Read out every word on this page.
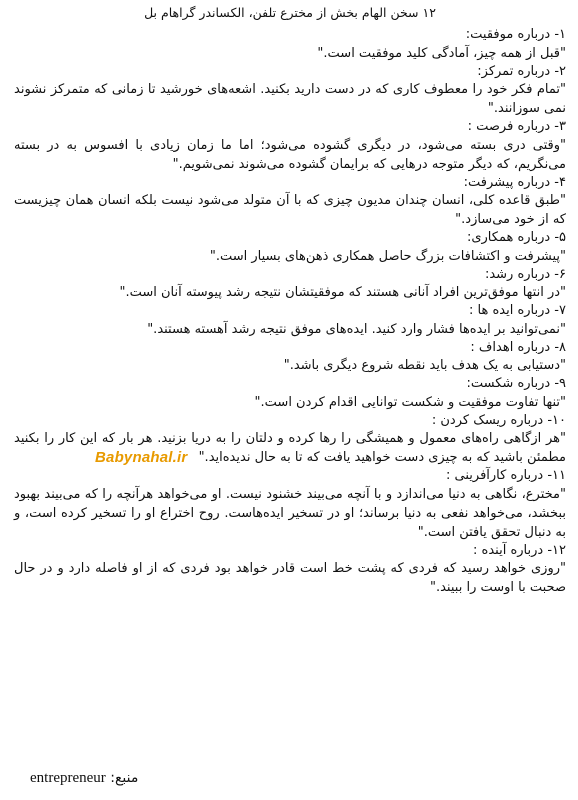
۱۲ سخن الهام بخش از مخترع تلفن، الکساندر گراهام بل

۱- درباره موفقیت:

"قبل از همه چیز، آمادگی کلید موفقیت است."

۲- درباره تمرکز:

"تمام فکر خود را معطوف کاری که در دست دارید بکنید. اشعه‌های خورشید تا زمانی که متمرکز نشوند نمی سوزانند."

۳- درباره فرصت :

"وقتی دری بسته می‌شود، در دیگری گشوده می‌شود؛ اما ما زمان زیادی با افسوس به در بسته می‌نگریم، که دیگر متوجه درهایی که برایمان گشوده می‌شوند نمی‌شویم."

۴- درباره پیشرفت:

"طبق قاعده کلی، انسان چندان مدیون چیزی که با آن متولد می‌شود نیست بلکه انسان همان چیزیست که از خود می‌سازد."

۵- درباره همکاری:

"پیشرفت و اکتشافات بزرگ حاصل همکاری ذهن‌های بسیار است."

۶- درباره رشد:

"در انتها موفق‌ترین افراد آنانی هستند که موفقیتشان نتیجه رشد پیوسته آنان است."

۷- درباره ایده ها :

"نمی‌توانید بر ایده‌ها فشار وارد کنید. ایده‌های موفق نتیجه رشد آهسته هستند."

۸- درباره اهداف :

"دستیابی به یک هدف باید نقطه شروع دیگری باشد."

۹- درباره شکست:

"تنها تفاوت موفقیت و شکست توانایی اقدام کردن است."

۱۰- درباره ریسک کردن :

"هر ازگاهی راه‌های معمول و همیشگی را رها کرده و دلتان را به دریا بزنید. هر بار که این کار را بکنید مطمئن باشید که به چیزی دست خواهید یافت که تا به حال ندیده‌اید."

۱۱- درباره کارآفرینی :

"مخترع، نگاهی به دنیا می‌اندازد و با آنچه می‌بیند خشنود نیست. او می‌خواهد هرآنچه را که می‌بیند بهبود ببخشد، می‌خواهد نفعی به دنیا برساند؛ او در تسخیر ایده‌هاست. روح اختراع او را تسخیر کرده است، و به دنبال تحقق یافتن است."

۱۲- درباره آینده :

"روزی خواهد رسید که فردی که پشت خط است قادر خواهد بود فردی که از او فاصله دارد و در حال صحبت با اوست را ببیند."

Babynahal.ir
منبع: entrepreneur
